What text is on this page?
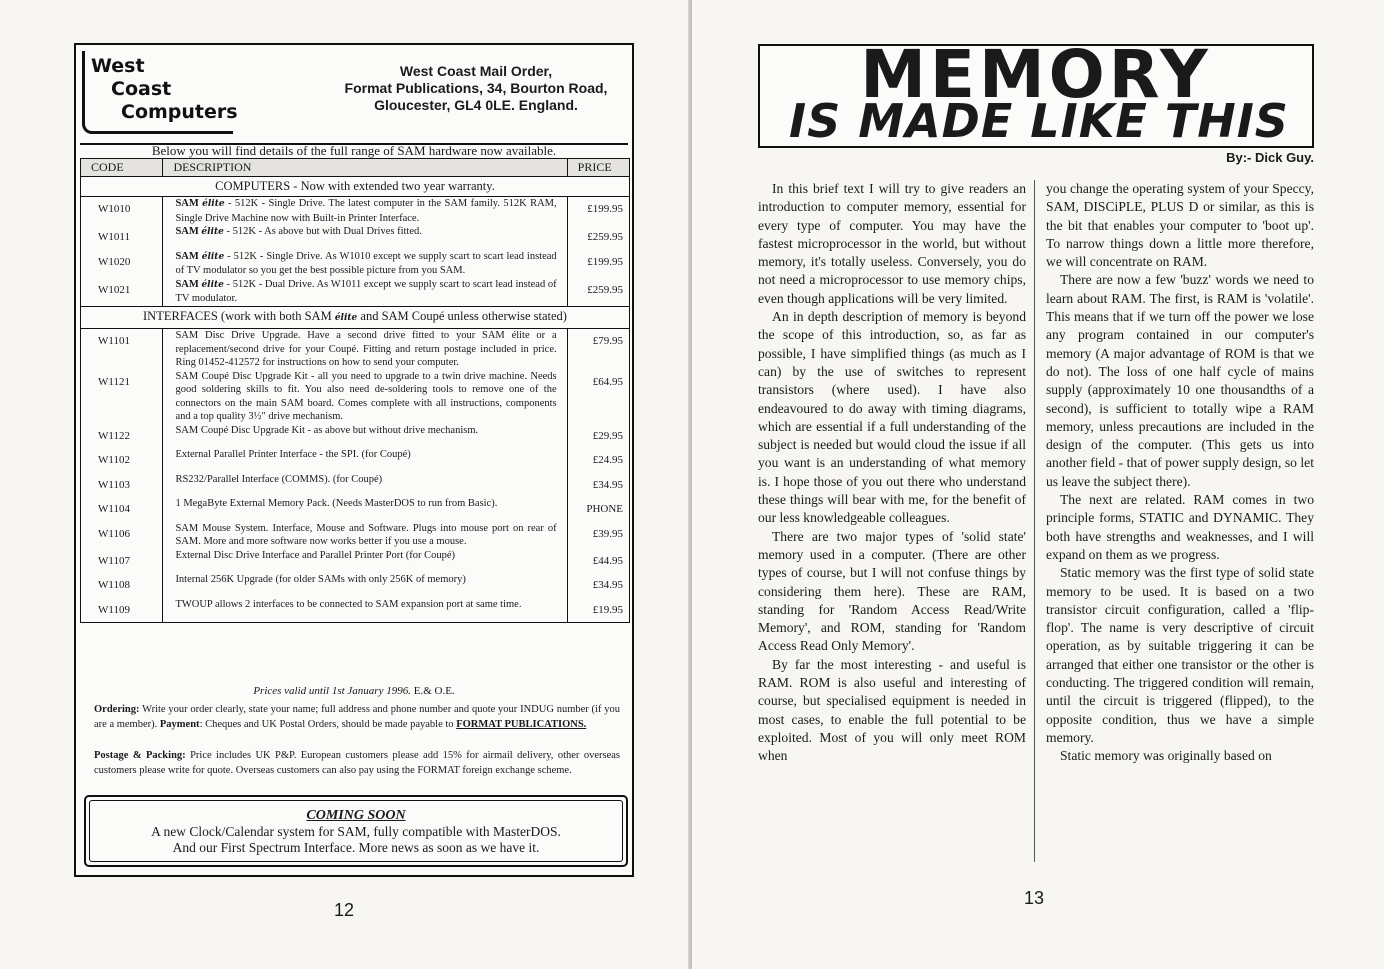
West
Coast
Computers
West Coast Mail Order,
Format Publications, 34, Bourton Road,
Gloucester, GL4 0LE. England.
Below you will find details of the full range of SAM hardware now available.
CODE	DESCRIPTION	PRICE
COMPUTERS - Now with extended two year warranty.		
W1010	SAM élite - 512K - Single Drive. The latest computer in the SAM family. 512K RAM, Single Drive Machine now with Built-in Printer Interface.	£199.95
W1011	SAM élite - 512K - As above but with Dual Drives fitted.	£259.95
W1020	SAM élite - 512K - Single Drive. As W1010 except we supply scart to scart lead instead of TV modulator so you get the best possible picture from you SAM.	£199.95
W1021	SAM élite - 512K - Dual Drive. As W1011 except we supply scart to scart lead instead of TV modulator.	£259.95
INTERFACES (work with both SAM élite and SAM Coupé unless otherwise stated)		
W1101	SAM Disc Drive Upgrade. Have a second drive fitted to your SAM élite or a replacement/second drive for your Coupé. Fitting and return postage included in price. Ring 01452-412572 for instructions on how to send your computer.	£79.95
W1121	SAM Coupé Disc Upgrade Kit - all you need to upgrade to a twin drive machine. Needs good soldering skills to fit. You also need de-soldering tools to remove one of the connectors on the main SAM board. Comes complete with all instructions, components and a top quality 3½" drive mechanism.	£64.95
W1122	SAM Coupé Disc Upgrade Kit - as above but without drive mechanism.	£29.95
W1102	External Parallel Printer Interface - the SPI. (for Coupé)	£24.95
W1103	RS232/Parallel Interface (COMMS). (for Coupé)	£34.95
W1104	1 MegaByte External Memory Pack. (Needs MasterDOS to run from Basic).	PHONE
W1106	SAM Mouse System. Interface, Mouse and Software. Plugs into mouse port on rear of SAM. More and more software now works better if you use a mouse.	£39.95
W1107	External Disc Drive Interface and Parallel Printer Port (for Coupé)	£44.95
W1108	Internal 256K Upgrade (for older SAMs with only 256K of memory)	£34.95
W1109	TWOUP allows 2 interfaces to be connected to SAM expansion port at same time.	£19.95
Prices valid until 1st January 1996. E.& O.E.
Ordering: Write your order clearly, state your name; full address and phone number and quote your INDUG number (if you are a member). Payment: Cheques and UK Postal Orders, should be made payable to FORMAT PUBLICATIONS.
Postage & Packing: Price includes UK P&P. European customers please add 15% for airmail delivery, other overseas customers please write for quote. Overseas customers can also pay using the FORMAT foreign exchange scheme.
COMING SOON
A new Clock/Calendar system for SAM, fully compatible with MasterDOS.
And our First Spectrum Interface. More news as soon as we have it.
12
MEMORY
IS MADE LIKE THIS
By:- Dick Guy.

In this brief text I will try to give readers an introduction to computer memory, essential for every type of computer. You may have the fastest microprocessor in the world, but without memory, it's totally useless. Conversely, you do not need a microprocessor to use memory chips, even though applications will be very limited.

An in depth description of memory is beyond the scope of this introduction, so, as far as possible, I have simplified things (as much as I can) by the use of switches to represent transistors (where used). I have also endeavoured to do away with timing diagrams, which are essential if a full understanding of the subject is needed but would cloud the issue if all you want is an understanding of what memory is. I hope those of you out there who understand these things will bear with me, for the benefit of our less knowledgeable colleagues.

There are two major types of 'solid state' memory used in a computer. (There are other types of course, but I will not confuse things by considering them here). These are RAM, standing for 'Random Access Read/Write Memory', and ROM, standing for 'Random Access Read Only Memory'.

By far the most interesting - and useful is RAM. ROM is also useful and interesting of course, but specialised equipment is needed in most cases, to enable the full potential to be exploited. Most of you will only meet ROM when

you change the operating system of your Speccy, SAM, DISCiPLE, PLUS D or similar, as this is the bit that enables your computer to 'boot up'. To narrow things down a little more therefore, we will concentrate on RAM.

There are now a few 'buzz' words we need to learn about RAM. The first, is RAM is 'volatile'. This means that if we turn off the power we lose any program contained in our computer's memory (A major advantage of ROM is that we do not). The loss of one half cycle of mains supply (approximately 10 one thousandths of a second), is sufficient to totally wipe a RAM memory, unless precautions are included in the design of the computer. (This gets us into another field - that of power supply design, so let us leave the subject there).

The next are related. RAM comes in two principle forms, STATIC and DYNAMIC. They both have strengths and weaknesses, and I will expand on them as we progress.

Static memory was the first type of solid state memory to be used. It is based on a two transistor circuit configuration, called a 'flip-flop'. The name is very descriptive of circuit operation, as by suitable triggering it can be arranged that either one transistor or the other is conducting. The triggered condition will remain, until the circuit is triggered (flipped), to the opposite condition, thus we have a simple memory.

Static memory was originally based on

13
